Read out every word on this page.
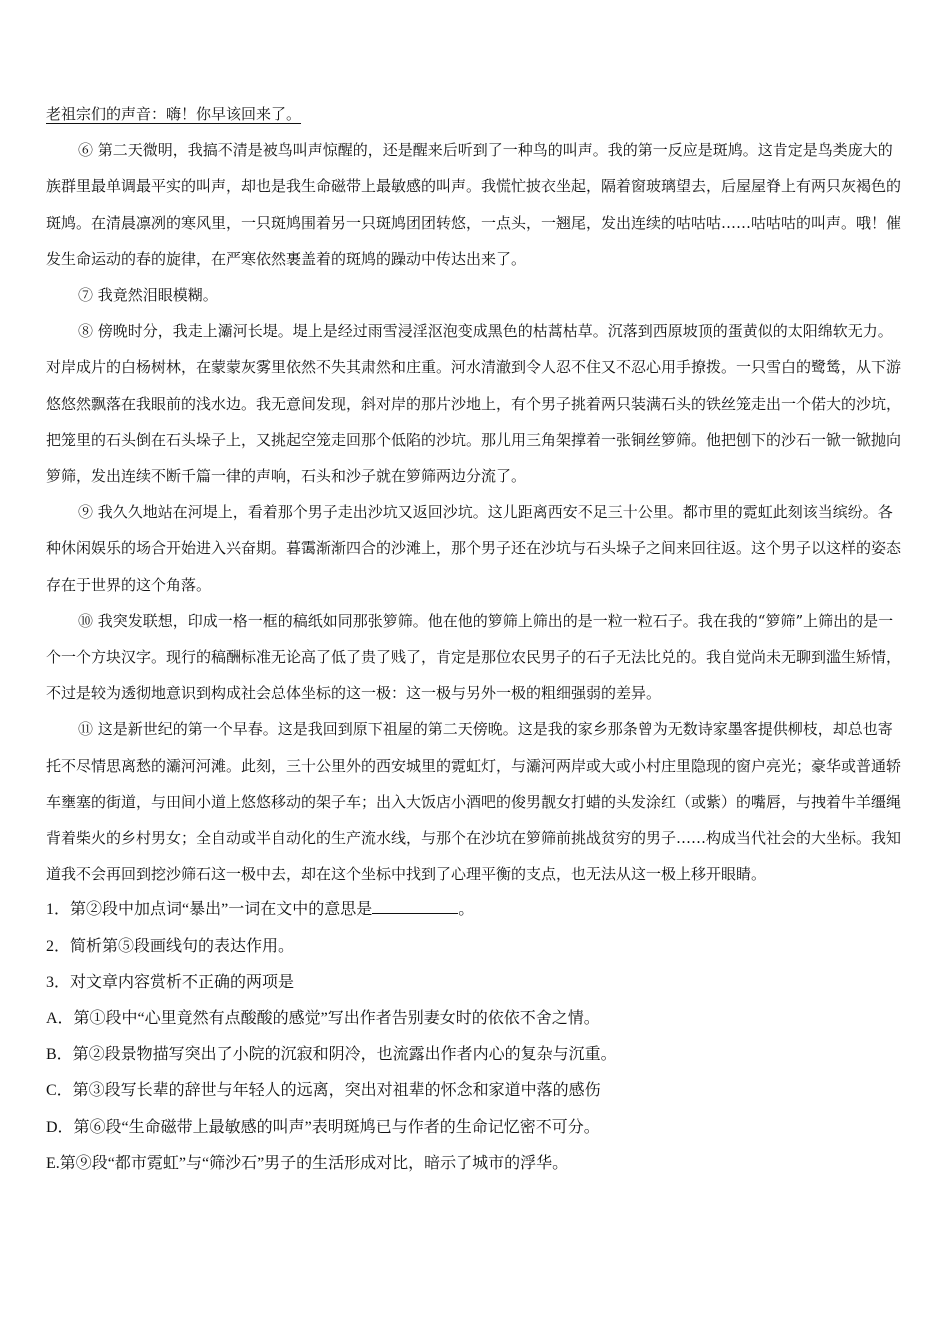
老祖宗们的声音：嗨！你早该回来了。

⑥ 第二天微明，我搞不清是被鸟叫声惊醒的，还是醒来后听到了一种鸟的叫声。我的第一反应是斑鸠。这肯定是鸟类庞大的族群里最单调最平实的叫声，却也是我生命磁带上最敏感的叫声。我慌忙披衣坐起，隔着窗玻璃望去，后屋屋脊上有两只灰褐色的斑鸠。在清晨凛冽的寒风里，一只斑鸠围着另一只斑鸠团团转悠，一点头，一翘尾，发出连续的咕咕咕……咕咕咕的叫声。哦！催发生命运动的春的旋律，在严寒依然裹盖着的斑鸠的躁动中传达出来了。

⑦ 我竟然泪眼模糊。

⑧ 傍晚时分，我走上灞河长堤。堤上是经过雨雪浸淫沤泡变成黑色的枯蒿枯草。沉落到西原坡顶的蛋黄似的太阳绵软无力。对岸成片的白杨树林，在蒙蒙灰雾里依然不失其肃然和庄重。河水清澈到令人忍不住又不忍心用手撩拨。一只雪白的鹭鸶，从下游悠悠然飘落在我眼前的浅水边。我无意间发现，斜对岸的那片沙地上，有个男子挑着两只装满石头的铁丝笼走出一个偌大的沙坑，把笼里的石头倒在石头垛子上，又挑起空笼走回那个低陷的沙坑。那儿用三角架撑着一张铜丝箩筛。他把刨下的沙石一锨一锨抛向箩筛，发出连续不断千篇一律的声响，石头和沙子就在箩筛两边分流了。

⑨ 我久久地站在河堤上，看着那个男子走出沙坑又返回沙坑。这儿距离西安不足三十公里。都市里的霓虹此刻该当缤纷。各种休闲娱乐的场合开始进入兴奋期。暮霭渐渐四合的沙滩上，那个男子还在沙坑与石头垛子之间来回往返。这个男子以这样的姿态存在于世界的这个角落。

⑩ 我突发联想，印成一格一框的稿纸如同那张箩筛。他在他的箩筛上筛出的是一粒一粒石子。我在我的“箩筛”上筛出的是一个一个方块汉字。现行的稿酬标准无论高了低了贵了贱了，肯定是那位农民男子的石子无法比兑的。我自觉尚未无聊到滥生矫情，不过是较为透彻地意识到构成社会总体坐标的这一极：这一极与另外一极的粗细强弱的差异。

⑪ 这是新世纪的第一个早春。这是我回到原下祖屋的第二天傍晚。这是我的家乡那条曾为无数诗家墨客提供柳枝，却总也寄托不尽情思离愁的灞河河滩。此刻，三十公里外的西安城里的霓虹灯，与灞河两岸或大或小村庄里隐现的窗户亮光；豪华或普通轿车壅塞的街道，与田间小道上悠悠移动的架子车；出入大饭店小酒吧的俊男靓女打蜡的头发涂红（或紫）的嘴唇，与拽着牛羊缰绳背着柴火的乡村男女；全自动或半自动化的生产流水线，与那个在沙坑在箩筛前挑战贫穷的男子……构成当代社会的大坐标。我知道我不会再回到挖沙筛石这一极中去，却在这个坐标中找到了心理平衡的支点，也无法从这一极上移开眼睛。

1．第②段中加点词“暴出”一词在文中的意思是	。

2．简析第⑤段画线句的表达作用。

3．对文章内容赏析不正确的两项是

A．第①段中“心里竟然有点酸酸的感觉”写出作者告别妻女时的依依不舍之情。

B．第②段景物描写突出了小院的沉寂和阴冷，也流露出作者内心的复杂与沉重。

C．第③段写长辈的辞世与年轻人的远离，突出对祖辈的怀念和家道中落的感伤

D．第⑥段“生命磁带上最敏感的叫声”表明斑鸠已与作者的生命记忆密不可分。

E.第⑨段“都市霓虹”与“筛沙石”男子的生活形成对比，暗示了城市的浮华。
